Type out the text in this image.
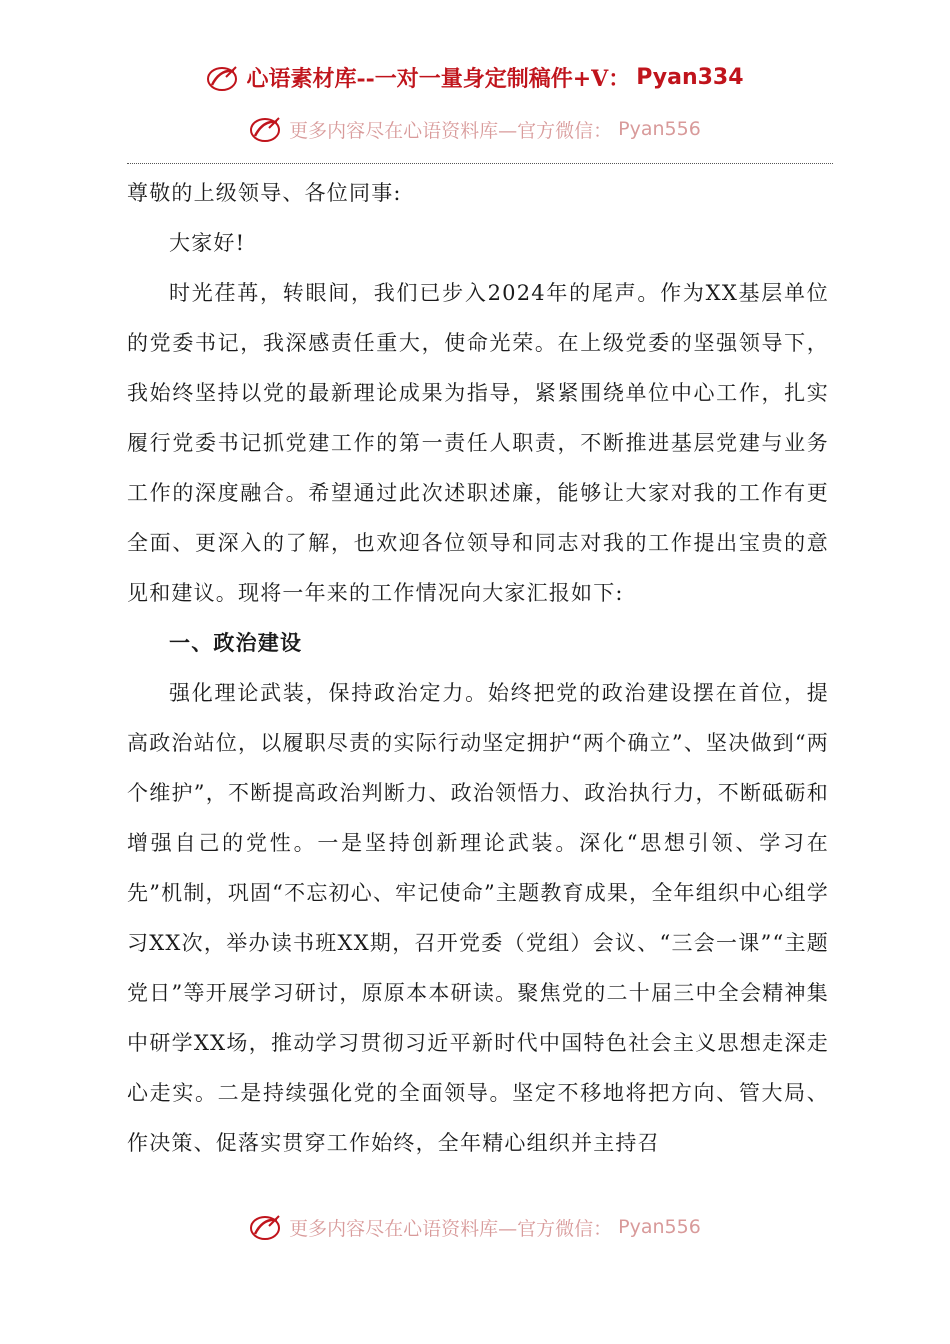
心语素材库--一对一量身定制稿件+V： Pyan334
更多内容尽在心语资料库—官方微信： Pyan556

尊敬的上级领导、各位同事:

大家好!

时光荏苒，转眼间，我们已步入2024年的尾声。作为XX基层单位的党委书记，我深感责任重大，使命光荣。在上级党委的坚强领导下，我始终坚持以党的最新理论成果为指导，紧紧围绕单位中心工作，扎实履行党委书记抓党建工作的第一责任人职责，不断推进基层党建与业务工作的深度融合。希望通过此次述职述廉，能够让大家对我的工作有更全面、更深入的了解，也欢迎各位领导和同志对我的工作提出宝贵的意见和建议。现将一年来的工作情况向大家汇报如下:

一、政治建设

强化理论武装，保持政治定力。始终把党的政治建设摆在首位，提高政治站位，以履职尽责的实际行动坚定拥护“两个确立”、坚决做到“两个维护”，不断提高政治判断力、政治领悟力、政治执行力，不断砥砺和增强自己的党性。一是坚持创新理论武装。深化“思想引领、学习在先”机制，巩固“不忘初心、牢记使命”主题教育成果，全年组织中心组学习XX次，举办读书班XX期，召开党委（党组）会议、“三会一课”“主题党日”等开展学习研讨，原原本本研读。聚焦党的二十届三中全会精神集中研学XX场，推动学习贯彻习近平新时代中国特色社会主义思想走深走心走实。二是持续强化党的全面领导。坚定不移地将把方向、管大局、作决策、促落实贯穿工作始终，全年精心组织并主持召

更多内容尽在心语资料库—官方微信： Pyan556
